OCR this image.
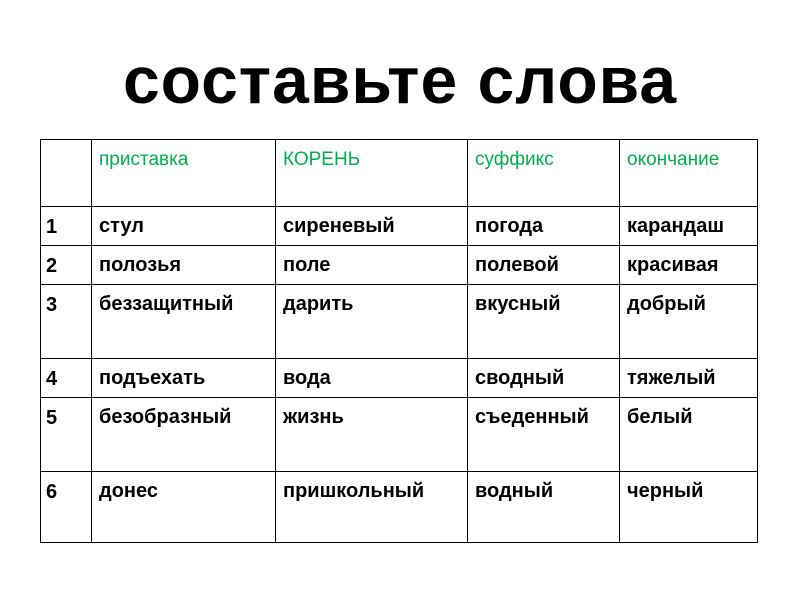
составьте слова
	приставка	КОРЕНЬ	суффикс	окончание
1	стул	сиреневый	погода	карандаш
2	полозья	поле	полевой	красивая
3	беззащитный	дарить	вкусный	добрый
4	подъехать	вода	сводный	тяжелый
5	безобразный	жизнь	съеденный	белый
6	донес	пришкольный	водный	черный
